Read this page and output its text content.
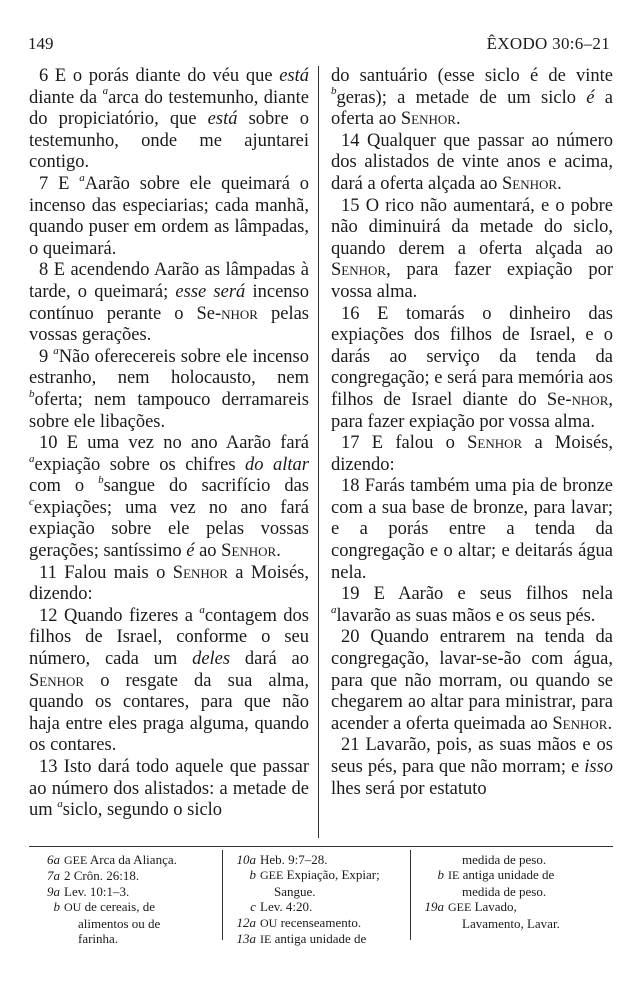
149	ÊXODO 30:6–21

6 E o porás diante do véu que está diante da $^a$arca do testemunho, diante do propiciatório, que está sobre o testemunho, onde me ajuntarei contigo.

7 E $^a$Aarão sobre ele queimará o incenso das especiarias; cada manhã, quando puser em ordem as lâmpadas, o queimará.

8 E acendendo Aarão as lâmpadas à tarde, o queimará; esse será incenso contínuo perante o Se-nhor pelas vossas gerações.

9 $^a$Não oferecereis sobre ele incenso estranho, nem holocausto, nem $^b$oferta; nem tampouco derramareis sobre ele libações.

10 E uma vez no ano Aarão fará $^a$expiação sobre os chifres do altar com o $^b$sangue do sacrifício das $^c$expiações; uma vez no ano fará expiação sobre ele pelas vossas gerações; santíssimo é ao Senhor.

11 Falou mais o Senhor a Moisés, dizendo:

12 Quando fizeres a $^a$contagem dos filhos de Israel, conforme o seu número, cada um deles dará ao Senhor o resgate da sua alma, quando os contares, para que não haja entre eles praga alguma, quando os contares.

13 Isto dará todo aquele que passar ao número dos alistados: a metade de um $^a$siclo, segundo o siclo

do santuário (esse siclo é de vinte $^b$geras); a metade de um siclo é a oferta ao Senhor.

14 Qualquer que passar ao número dos alistados de vinte anos e acima, dará a oferta alçada ao Senhor.

15 O rico não aumentará, e o pobre não diminuirá da metade do siclo, quando derem a oferta alçada ao Senhor, para fazer expiação por vossa alma.

16 E tomarás o dinheiro das expiações dos filhos de Israel, e o darás ao serviço da tenda da congregação; e será para memória aos filhos de Israel diante do Se-nhor, para fazer expiação por vossa alma.

17 E falou o Senhor a Moisés, dizendo:

18 Farás também uma pia de bronze com a sua base de bronze, para lavar; e a porás entre a tenda da congregação e o altar; e deitarás água nela.

19 E Aarão e seus filhos nela $^a$lavarão as suas mãos e os seus pés.

20 Quando entrarem na tenda da congregação, lavar-se-ão com água, para que não morram, ou quando se chegarem ao altar para ministrar, para acender a oferta queimada ao Senhor.

21 Lavarão, pois, as suas mãos e os seus pés, para que não morram; e isso lhes será por estatuto

6a GEE Arca da Aliança.
7a 2 Crôn. 26:18.
9a Lev. 10:1–3.
b OU de cereais, de
alimentos ou de
farinha.
10a Heb. 9:7–28.
b GEE Expiação, Expiar;
Sangue.
c Lev. 4:20.
12a OU recenseamento.
13a IE antiga unidade de
medida de peso.
b IE antiga unidade de
medida de peso.
19a GEE Lavado,
Lavamento, Lavar.
